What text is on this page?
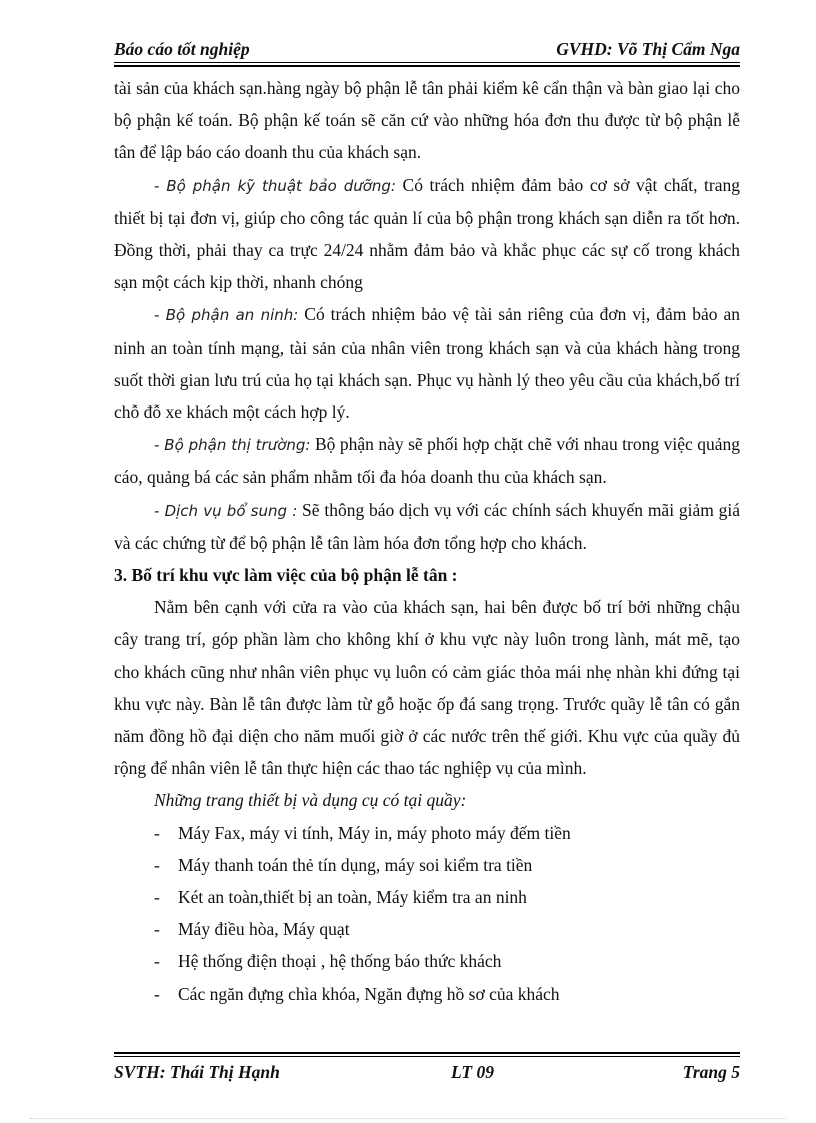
Báo cáo tốt nghiệp	GVHD: Võ Thị Cẩm Nga

tài sản của khách sạn.hàng ngày bộ phận lễ tân phải kiểm kê cẩn thận và bàn giao lại cho bộ phận kế toán. Bộ phận kế toán sẽ căn cứ vào những hóa đơn thu được từ bộ phận lễ tân để lập báo cáo doanh thu của khách sạn.

- Bộ phận kỹ thuật bảo dưỡng: Có trách nhiệm đảm bảo cơ sở vật chất, trang thiết bị tại đơn vị, giúp cho công tác quản lí của bộ phận trong khách sạn diễn ra tốt hơn. Đồng thời, phải thay ca trực 24/24 nhằm đảm bảo và khắc phục các sự cố trong khách sạn một cách kịp thời, nhanh chóng

- Bộ phận an ninh: Có trách nhiệm bảo vệ tài sản riêng của đơn vị, đảm bảo an ninh an toàn tính mạng, tài sản của nhân viên trong khách sạn và của khách hàng trong suốt thời gian lưu trú của họ tại khách sạn. Phục vụ hành lý theo yêu cầu của khách,bố trí chỗ đỗ xe khách một cách hợp lý.

- Bộ phận thị trường: Bộ phận này sẽ phối hợp chặt chẽ với nhau trong việc quảng cáo, quảng bá các sản phẩm nhằm tối đa hóa doanh thu của khách sạn.

- Dịch vụ bổ sung : Sẽ thông báo dịch vụ với các chính sách khuyến mãi giảm giá và các chứng từ để bộ phận lễ tân làm hóa đơn tổng hợp cho khách.

3. Bố trí khu vực làm việc của bộ phận lễ tân :

Nằm bên cạnh với cửa ra vào của khách sạn, hai bên được bố trí bởi những chậu cây trang trí, góp phần làm cho không khí ở khu vực này luôn trong lành, mát mẽ, tạo cho khách cũng như nhân viên phục vụ luôn có cảm giác thỏa mái nhẹ nhàn khi đứng tại khu vực này. Bàn lễ tân được làm từ gỗ hoặc ốp đá sang trọng. Trước quầy lễ tân có gắn năm đồng hồ đại diện cho năm muối giờ ở các nước trên thế giới. Khu vực của quầy đủ rộng để nhân viên lễ tân thực hiện các thao tác nghiệp vụ của mình.

Những trang thiết bị và dụng cụ có tại quầy:

-	Máy Fax, máy vi tính, Máy in, máy photo máy đếm tiền
-	Máy thanh toán thẻ tín dụng, máy soi kiểm tra tiền
-	Két an toàn,thiết bị an toàn, Máy kiểm tra an ninh
-	Máy điều hòa, Máy quạt
-	Hệ thống điện thoại , hệ thống báo thức khách
-	Các ngăn đựng chìa khóa, Ngăn đựng hồ sơ của khách
SVTH: Thái Thị Hạnh	LT 09	Trang 5
